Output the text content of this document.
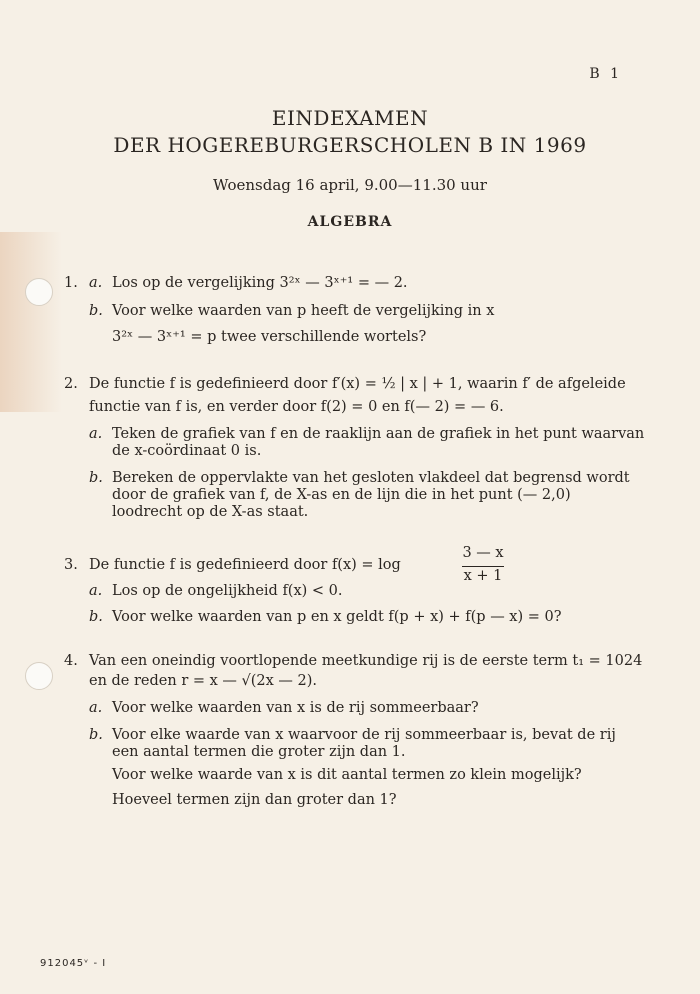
B 1
EINDEXAMEN
DER HOGEREBURGERSCHOLEN B IN 1969
Woensdag 16 april, 9.00—11.30 uur
ALGEBRA
1. a. Los op de vergelijking 3²ˣ — 3ˣ⁺¹ = — 2.
b. Voor welke waarden van p heeft de vergelijking in x
3²ˣ — 3ˣ⁺¹ = p twee verschillende wortels?
2. De functie f is gedefinieerd door f′(x) = ½ | x | + 1, waarin f′ de afgeleide
functie van f is, en verder door f(2) = 0 en f(— 2) = — 6.
a. Teken de grafiek van f en de raaklijn aan de grafiek in het punt waarvan
de x-coördinaat 0 is.
b. Bereken de oppervlakte van het gesloten vlakdeel dat begrensd wordt
door de grafiek van f, de X-as en de lijn die in het punt (— 2,0)
loodrecht op de X-as staat.
3. De functie f is gedefinieerd door f(x) = log
3 — x
x + 1
a. Los op de ongelijkheid f(x) < 0.
b. Voor welke waarden van p en x geldt f(p + x) + f(p — x) = 0?
4. Van een oneindig voortlopende meetkundige rij is de eerste term t₁ = 1024
en de reden r = x — √(2x — 2).
a. Voor welke waarden van x is de rij sommeerbaar?
b. Voor elke waarde van x waarvoor de rij sommeerbaar is, bevat de rij
een aantal termen die groter zijn dan 1.
Voor welke waarde van x is dit aantal termen zo klein mogelijk?
Hoeveel termen zijn dan groter dan 1?
912045ᵛ - I
